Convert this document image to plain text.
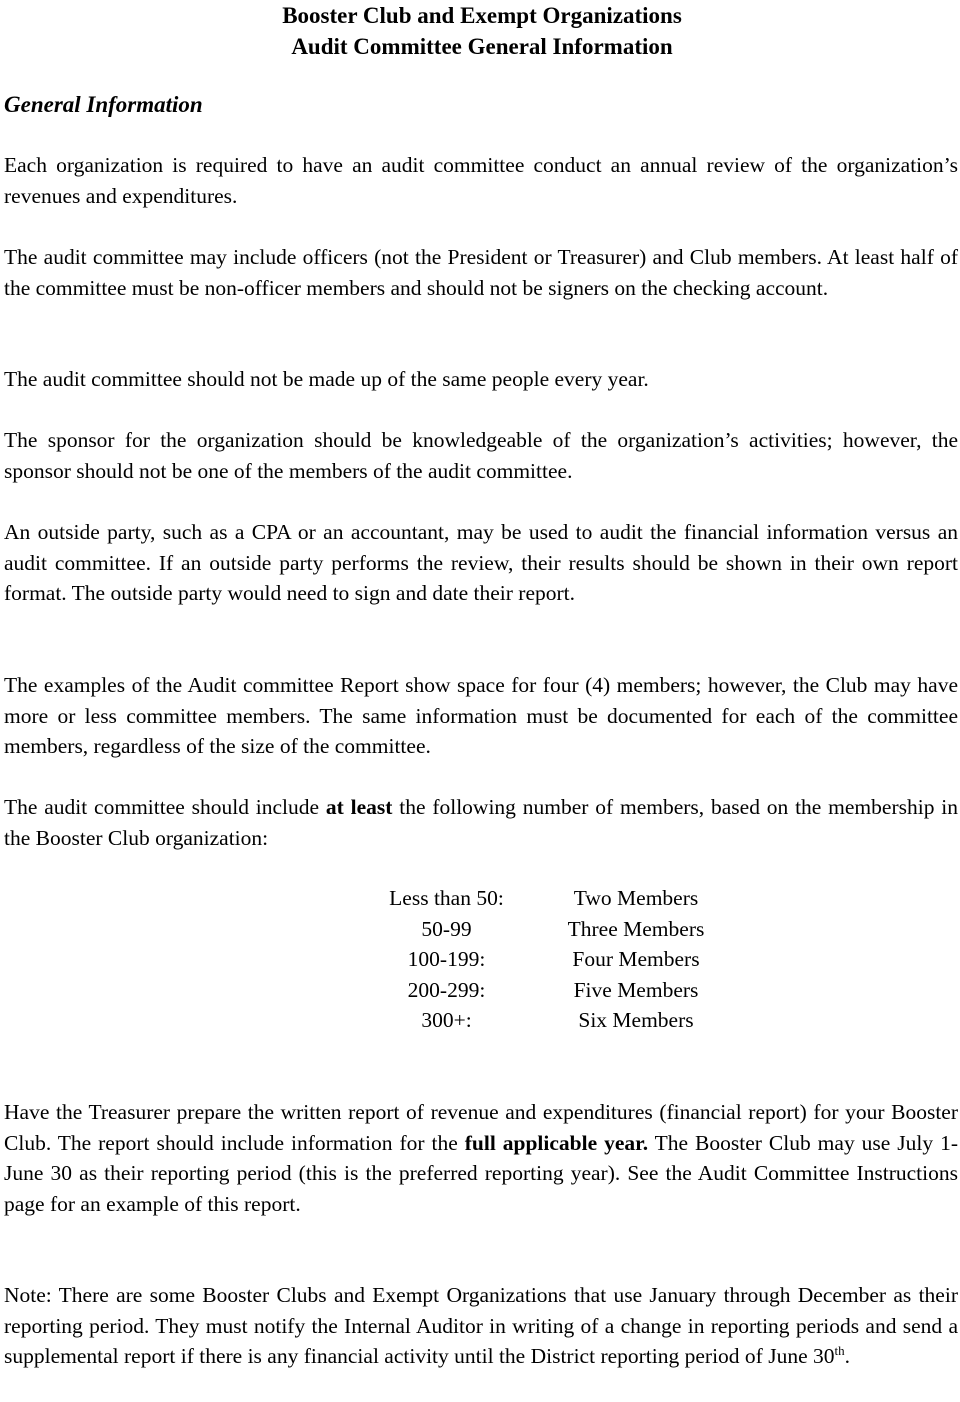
Booster Club and Exempt Organizations
Audit Committee General Information
General Information

Each organization is required to have an audit committee conduct an annual review of the organization’s revenues and expenditures.

The audit committee may include officers (not the President or Treasurer) and Club members. At least half of the committee must be non-officer members and should not be signers on the checking account.

The audit committee should not be made up of the same people every year.

The sponsor for the organization should be knowledgeable of the organization’s activities; however, the sponsor should not be one of the members of the audit committee.

An outside party, such as a CPA or an accountant, may be used to audit the financial information versus an audit committee. If an outside party performs the review, their results should be shown in their own report format. The outside party would need to sign and date their report.

The examples of the Audit committee Report show space for four (4) members; however, the Club may have more or less committee members. The same information must be documented for each of the committee members, regardless of the size of the committee.

The audit committee should include at least the following number of members, based on the membership in the Booster Club organization:

Less than 50:	Two Members
50-99	Three Members
100-199:	Four Members
200-299:	Five Members
300+:	Six Members

Have the Treasurer prepare the written report of revenue and expenditures (financial report) for your Booster Club. The report should include information for the full applicable year. The Booster Club may use July 1-June 30 as their reporting period (this is the preferred reporting year). See the Audit Committee Instructions page for an example of this report.

Note: There are some Booster Clubs and Exempt Organizations that use January through December as their reporting period. They must notify the Internal Auditor in writing of a change in reporting periods and send a supplemental report if there is any financial activity until the District reporting period of June 30th.
